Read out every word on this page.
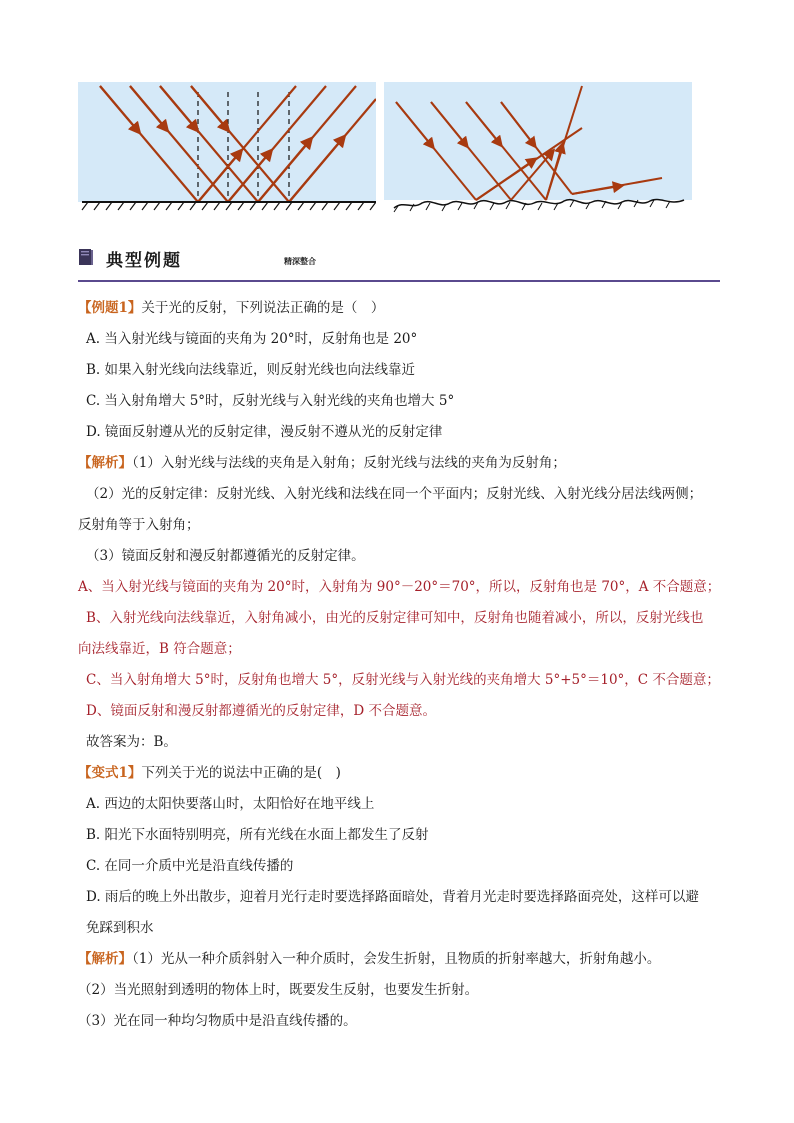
典型例题	精深整合
【例题1】关于光的反射，下列说法正确的是（　）
A. 当入射光线与镜面的夹角为 20°时，反射角也是 20°
B. 如果入射光线向法线靠近，则反射光线也向法线靠近
C. 当入射角增大 5°时，反射光线与入射光线的夹角也增大 5°
D. 镜面反射遵从光的反射定律，漫反射不遵从光的反射定律
【解析】（1）入射光线与法线的夹角是入射角；反射光线与法线的夹角为反射角；
（2）光的反射定律：反射光线、入射光线和法线在同一个平面内；反射光线、入射光线分居法线两侧；
反射角等于入射角；
（3）镜面反射和漫反射都遵循光的反射定律。
A、当入射光线与镜面的夹角为 20°时，入射角为 90°－20°＝70°，所以，反射角也是 70°，A 不合题意；
B、入射光线向法线靠近，入射角减小，由光的反射定律可知中，反射角也随着减小，所以，反射光线也
向法线靠近，B 符合题意；
C、当入射角增大 5°时，反射角也增大 5°，反射光线与入射光线的夹角增大 5°+5°＝10°，C 不合题意；
D、镜面反射和漫反射都遵循光的反射定律，D 不合题意。
故答案为：B。
【变式1】下列关于光的说法中正确的是(　)
A. 西边的太阳快要落山时，太阳恰好在地平线上
B. 阳光下水面特别明亮，所有光线在水面上都发生了反射
C. 在同一介质中光是沿直线传播的
D. 雨后的晚上外出散步，迎着月光行走时要选择路面暗处，背着月光走时要选择路面亮处，这样可以避
免踩到积水
【解析】（1）光从一种介质斜射入一种介质时，会发生折射，且物质的折射率越大，折射角越小。
（2）当光照射到透明的物体上时，既要发生反射，也要发生折射。
（3）光在同一种均匀物质中是沿直线传播的。
